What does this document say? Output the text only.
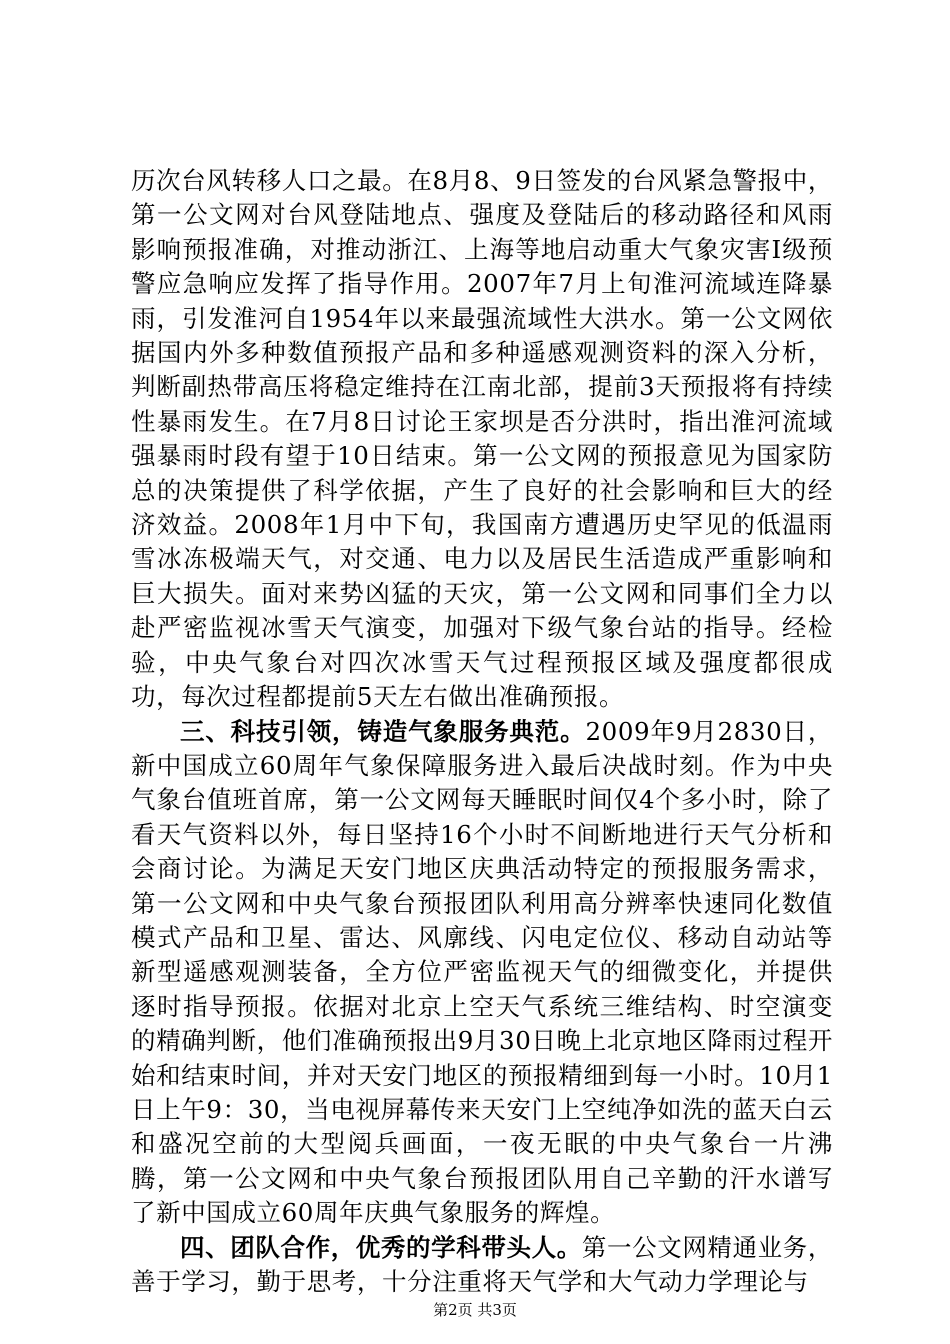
历次台风转移人口之最。在8月8、9日签发的台风紧急警报中，第一公文网对台风登陆地点、强度及登陆后的移动路径和风雨影响预报准确，对推动浙江、上海等地启动重大气象灾害Ⅰ级预警应急响应发挥了指导作用。2007年7月上旬淮河流域连降暴雨，引发淮河自1954年以来最强流域性大洪水。第一公文网依据国内外多种数值预报产品和多种遥感观测资料的深入分析，判断副热带高压将稳定维持在江南北部，提前3天预报将有持续性暴雨发生。在7月8日讨论王家坝是否分洪时，指出淮河流域强暴雨时段有望于10日结束。第一公文网的预报意见为国家防总的决策提供了科学依据，产生了良好的社会影响和巨大的经济效益。2008年1月中下旬，我国南方遭遇历史罕见的低温雨雪冰冻极端天气，对交通、电力以及居民生活造成严重影响和巨大损失。面对来势凶猛的天灾，第一公文网和同事们全力以赴严密监视冰雪天气演变，加强对下级气象台站的指导。经检验，中央气象台对四次冰雪天气过程预报区域及强度都很成功，每次过程都提前5天左右做出准确预报。

三、科技引领，铸造气象服务典范。2009年9月2830日，新中国成立60周年气象保障服务进入最后决战时刻。作为中央气象台值班首席，第一公文网每天睡眠时间仅4个多小时，除了看天气资料以外，每日坚持16个小时不间断地进行天气分析和会商讨论。为满足天安门地区庆典活动特定的预报服务需求，第一公文网和中央气象台预报团队利用高分辨率快速同化数值模式产品和卫星、雷达、风廓线、闪电定位仪、移动自动站等新型遥感观测装备，全方位严密监视天气的细微变化，并提供逐时指导预报。依据对北京上空天气系统三维结构、时空演变的精确判断，他们准确预报出9月30日晚上北京地区降雨过程开始和结束时间，并对天安门地区的预报精细到每一小时。10月1日上午9：30，当电视屏幕传来天安门上空纯净如洗的蓝天白云和盛况空前的大型阅兵画面，一夜无眠的中央气象台一片沸腾，第一公文网和中央气象台预报团队用自己辛勤的汗水谱写了新中国成立60周年庆典气象服务的辉煌。

四、团队合作，优秀的学科带头人。第一公文网精通业务，善于学习，勤于思考，十分注重将天气学和大气动力学理论与

第2页 共3页
